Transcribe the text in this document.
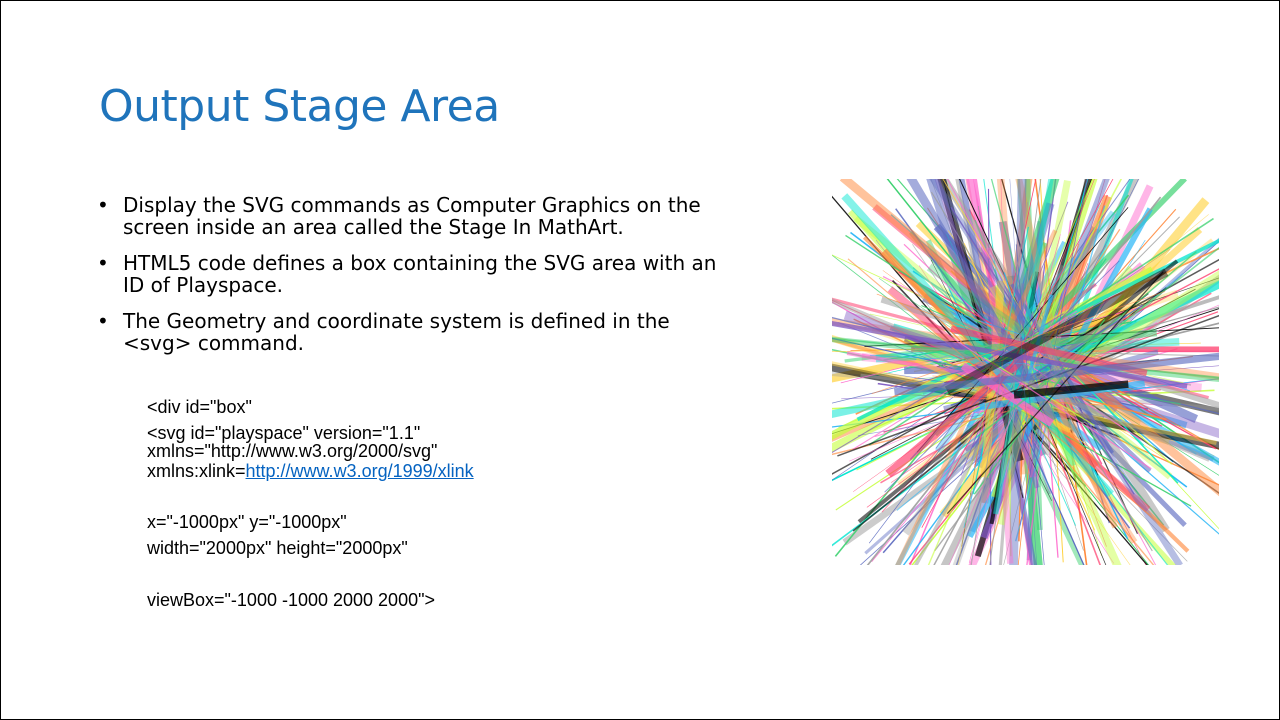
Output Stage Area
• Display the SVG commands as Computer Graphics on the
screen inside an area called the Stage In MathArt.
• HTML5 code defines a box containing the SVG area with an
ID of Playspace.
• The Geometry and coordinate system is defined in the
<svg> command.
<div id="box"
<svg id="playspace" version="1.1"
xmlns="http://www.w3.org/2000/svg"
xmlns:xlink=http://www.w3.org/1999/xlink
x="-1000px" y="-1000px"
width="2000px" height="2000px"
viewBox="-1000 -1000 2000 2000">
